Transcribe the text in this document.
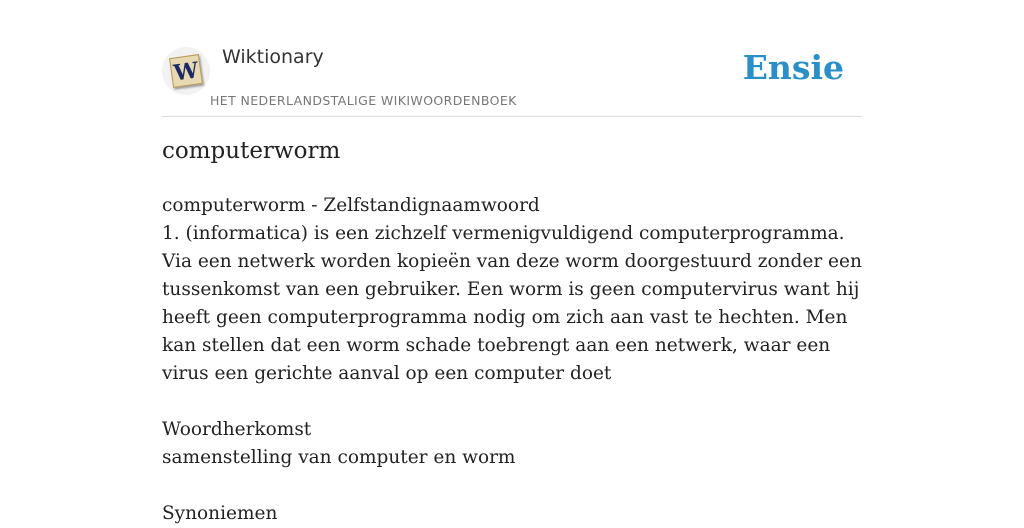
W
Wiktionary
HET NEDERLANDSTALIGE WIKIWOORDENBOEK
Ensie
computerworm

computerworm - Zelfstandignaamwoord

1. (informatica) is een zichzelf vermenigvuldigend computerprogramma. Via een netwerk worden kopieën van deze worm doorgestuurd zonder een tussenkomst van een gebruiker. Een worm is geen computervirus want hij heeft geen computerprogramma nodig om zich aan vast te hechten. Men kan stellen dat een worm schade toebrengt aan een netwerk, waar een virus een gerichte aanval op een computer doet

Woordherkomst

samenstelling van computer en worm

Synoniemen
